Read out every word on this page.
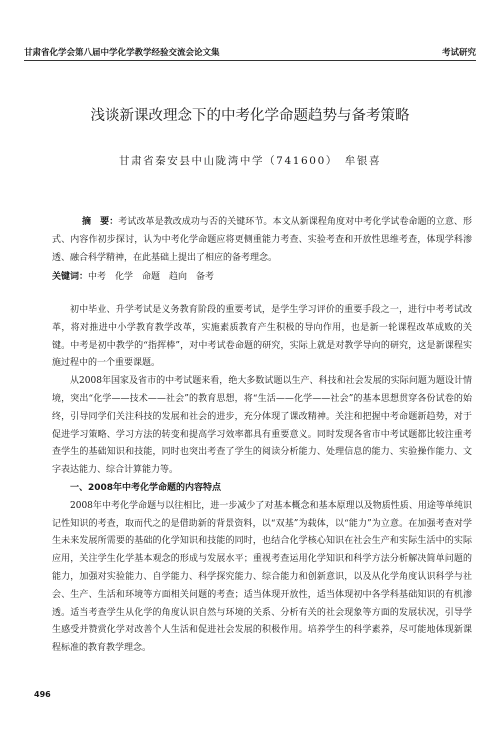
甘肃省化学会第八届中学化学教学经验交流会论文集	考试研究
浅谈新课改理念下的中考化学命题趋势与备考策略
甘肃省秦安县中山陇湾中学（741600）　牟银喜
摘　要：考试改革是教改成功与否的关键环节。本文从新课程角度对中考化学试卷命题的立意、形式、内容作初步探讨，认为中考化学命题应将更侧重能力考查、实验考查和开放性思维考查，体现学科渗透、融合科学精神，在此基础上提出了相应的备考理念。
关键词：中考　化学　命题　趋向　备考

初中毕业、升学考试是义务教育阶段的重要考试，是学生学习评价的重要手段之一，进行中考考试改革，将对推进中小学教育教学改革，实施素质教育产生积极的导向作用，也是新一轮课程改革成败的关键。中考是初中教学的“指挥棒”，对中考试卷命题的研究，实际上就是对教学导向的研究，这是新课程实施过程中的一个重要课题。

从2008年国家及省市的中考试题来看，绝大多数试题以生产、科技和社会发展的实际问题为题设计情境，突出“化学——技术——社会”的教育思想，将“生活——化学——社会”的基本思想贯穿各份试卷的始终，引导同学们关注科技的发展和社会的进步，充分体现了课改精神。关注和把握中考命题新趋势，对于促进学习策略、学习方法的转变和提高学习效率都具有重要意义。同时发现各省市中考试题都比较注重考查学生的基础知识和技能，同时也突出考查了学生的阅读分析能力、处理信息的能力、实验操作能力、文字表达能力、综合计算能力等。

一、2008年中考化学命题的内容特点

2008年中考化学命题与以往相比，进一步减少了对基本概念和基本原理以及物质性质、用途等单纯识记性知识的考查，取而代之的是借助新的背景资料，以“双基”为载体，以“能力”为立意。在加强考查对学生未来发展所需要的基础的化学知识和技能的同时，也结合化学核心知识在社会生产和实际生活中的实际应用，关注学生化学基本观念的形成与发展水平；重视考查运用化学知识和科学方法分析解决简单问题的能力，加强对实验能力、自学能力、科学探究能力、综合能力和创新意识，以及从化学角度认识科学与社会、生产、生活和环境等方面相关问题的考查；适当体现开放性，适当体现初中各学科基础知识的有机渗透。适当考查学生从化学的角度认识自然与环境的关系、分析有关的社会现象等方面的发展状况，引导学生感受并赞赏化学对改善个人生活和促进社会发展的积极作用。培养学生的科学素养，尽可能地体现新课程标准的教育教学理念。

496
